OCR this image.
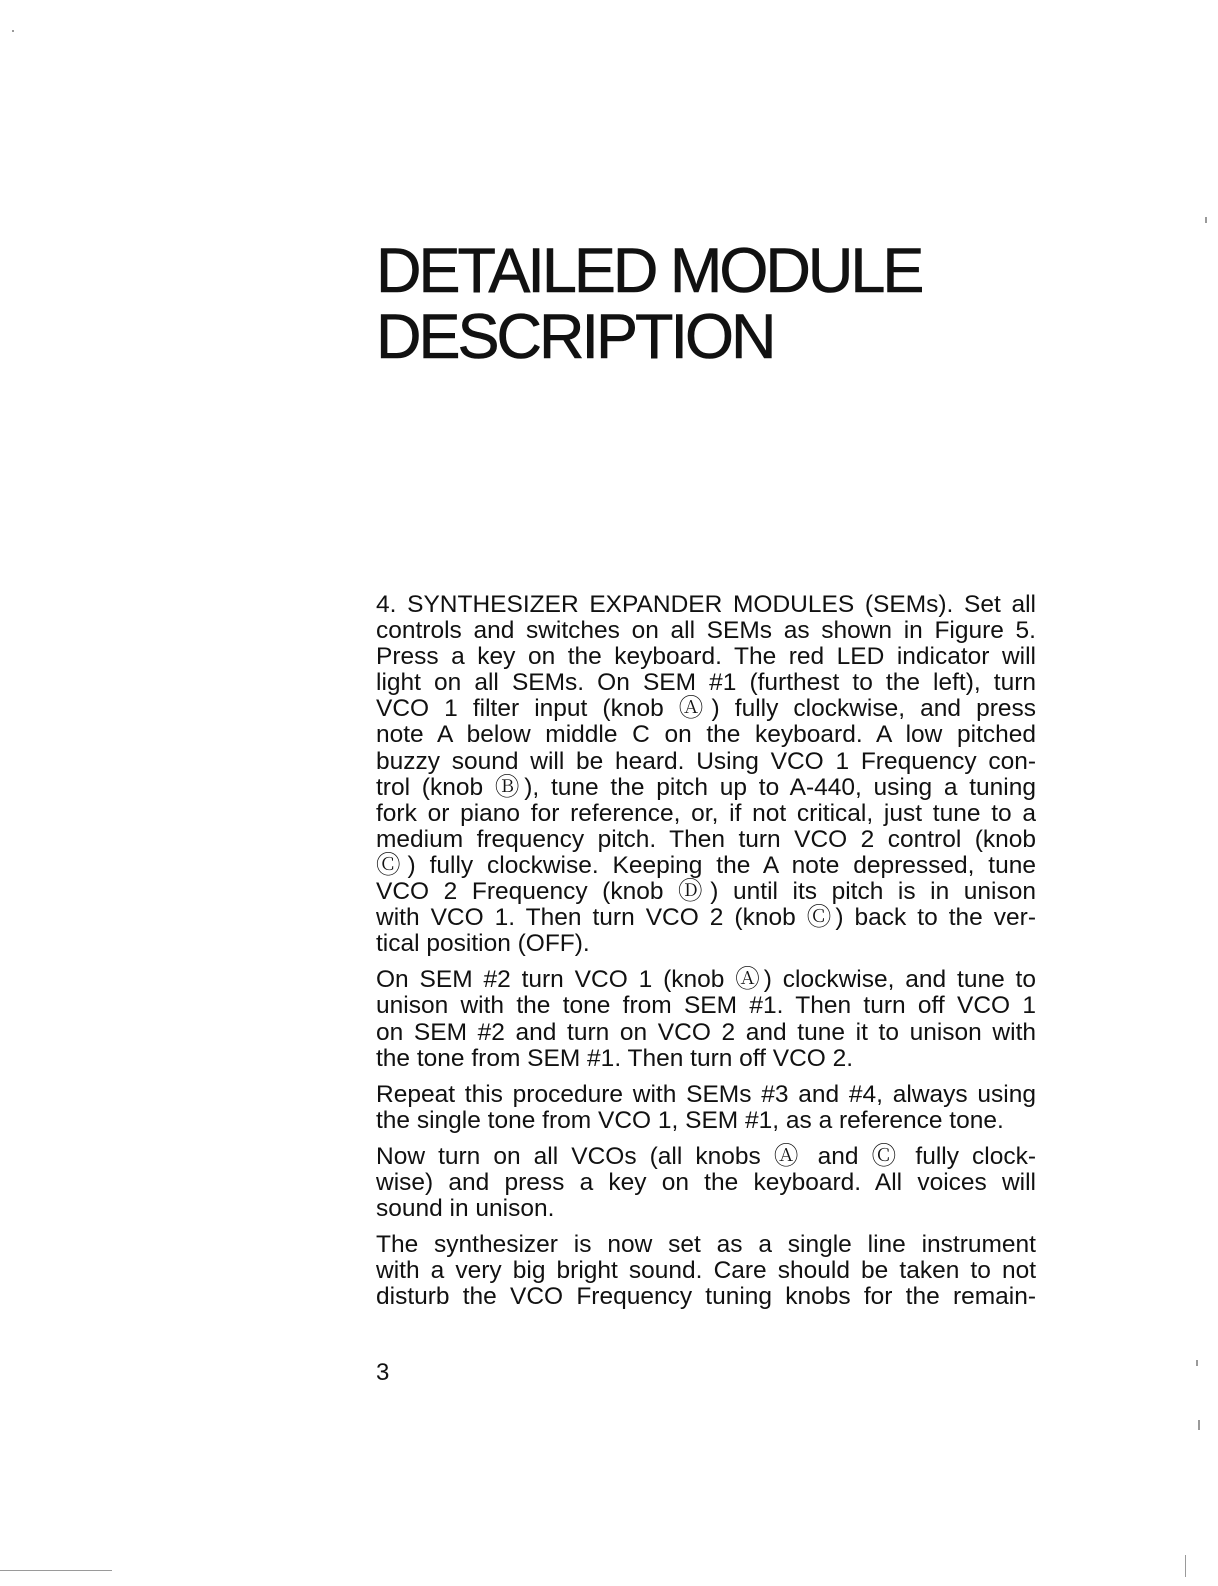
DETAILED MODULE
DESCRIPTION

4. SYNTHESIZER EXPANDER MODULES (SEMs). Set all
controls and switches on all SEMs as shown in Figure 5.
Press a key on the keyboard. The red LED indicator will
light on all SEMs. On SEM #1 (furthest to the left), turn
VCO 1 filter input (knob Ⓐ) fully clockwise, and press
note A below middle C on the keyboard. A low pitched
buzzy sound will be heard. Using VCO 1 Frequency con-
trol (knob Ⓑ), tune the pitch up to A-440, using a tuning
fork or piano for reference, or, if not critical, just tune to a
medium frequency pitch. Then turn VCO 2 control (knob
Ⓒ) fully clockwise. Keeping the A note depressed, tune
VCO 2 Frequency (knob Ⓓ) until its pitch is in unison
with VCO 1. Then turn VCO 2 (knob Ⓒ) back to the ver-
tical position (OFF).

On SEM #2 turn VCO 1 (knob Ⓐ) clockwise, and tune to
unison with the tone from SEM #1. Then turn off VCO 1
on SEM #2 and turn on VCO 2 and tune it to unison with
the tone from SEM #1. Then turn off VCO 2.

Repeat this procedure with SEMs #3 and #4, always using
the single tone from VCO 1, SEM #1, as a reference tone.

Now turn on all VCOs (all knobs Ⓐ and Ⓒ fully clock-
wise) and press a key on the keyboard. All voices will
sound in unison.

The synthesizer is now set as a single line instrument
with a very big bright sound. Care should be taken to not
disturb the VCO Frequency tuning knobs for the remain-

3
